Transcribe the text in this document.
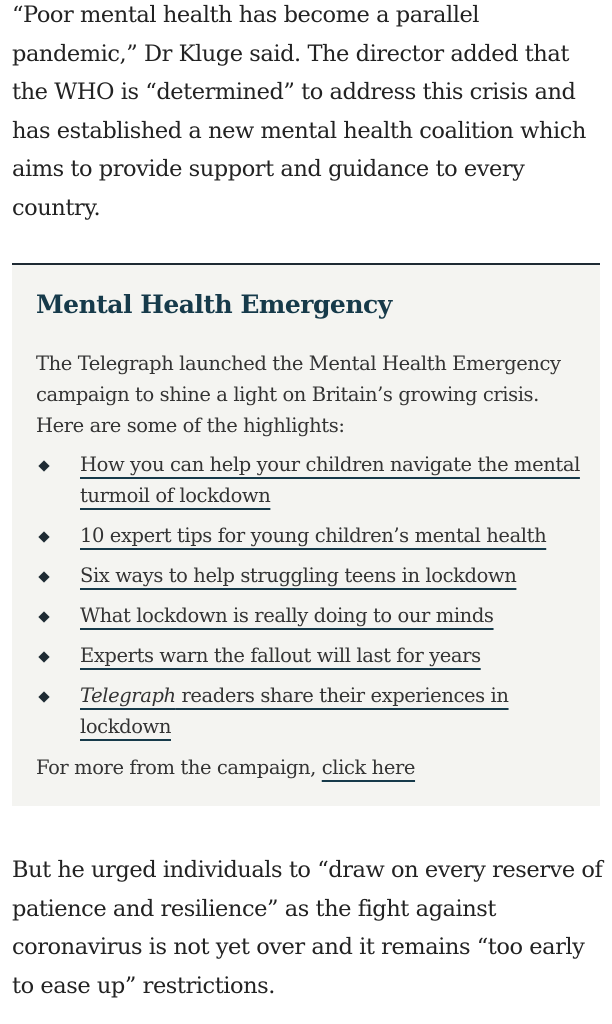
“Poor mental health has become a parallel pandemic,” Dr Kluge said. The director added that the WHO is “determined” to address this crisis and has established a new mental health coalition which aims to provide support and guidance to every country.

Mental Health Emergency

The Telegraph launched the Mental Health Emergency campaign to shine a light on Britain’s growing crisis. Here are some of the highlights:

How you can help your children navigate the mental turmoil of lockdown
10 expert tips for young children’s mental health
Six ways to help struggling teens in lockdown
What lockdown is really doing to our minds
Experts warn the fallout will last for years
Telegraph readers share their experiences in lockdown

For more from the campaign, click here

But he urged individuals to “draw on every reserve of patience and resilience” as the fight against coronavirus is not yet over and it remains “too early to ease up” restrictions.
